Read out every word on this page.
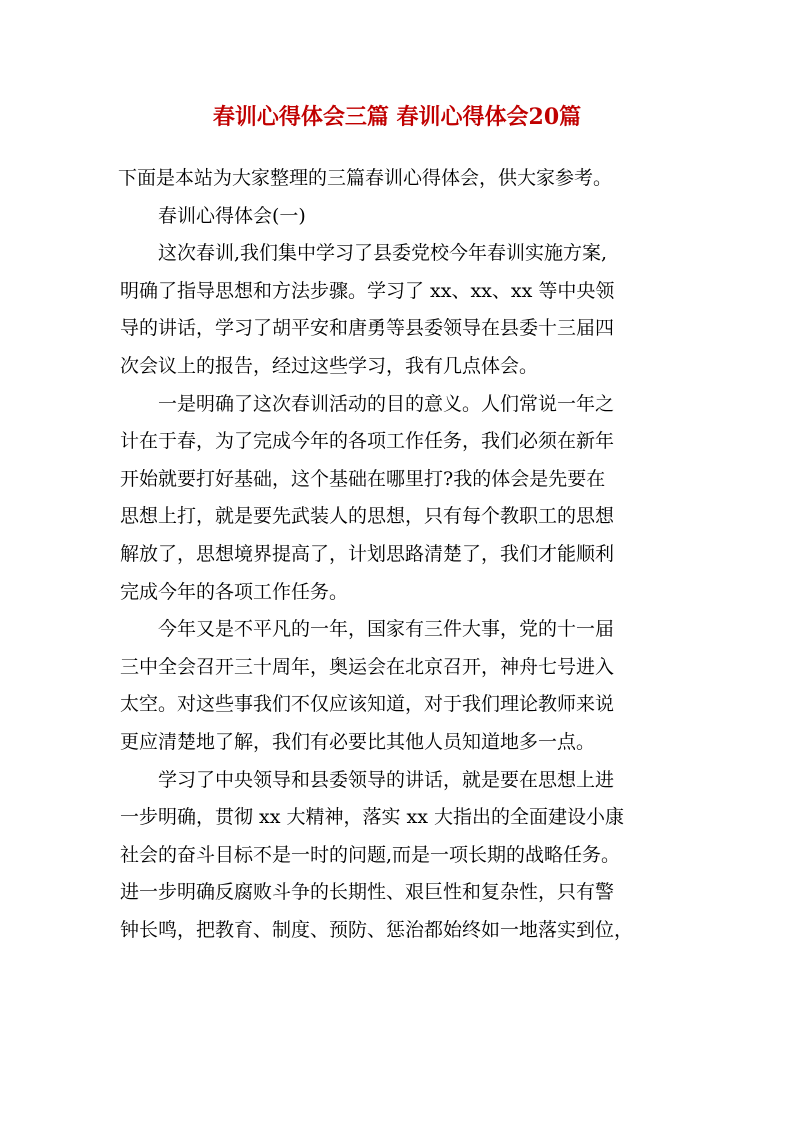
春训心得体会三篇 春训心得体会20篇

下面是本站为大家整理的三篇春训心得体会，供大家参考。

春训心得体会(一)

这次春训,我们集中学习了县委党校今年春训实施方案,
明确了指导思想和方法步骤。学习了 xx、xx、xx 等中央领
导的讲话，学习了胡平安和唐勇等县委领导在县委十三届四
次会议上的报告，经过这些学习，我有几点体会。

一是明确了这次春训活动的目的意义。人们常说一年之
计在于春，为了完成今年的各项工作任务，我们必须在新年
开始就要打好基础，这个基础在哪里打?我的体会是先要在
思想上打，就是要先武装人的思想，只有每个教职工的思想
解放了，思想境界提高了，计划思路清楚了，我们才能顺利
完成今年的各项工作任务。

今年又是不平凡的一年，国家有三件大事，党的十一届
三中全会召开三十周年，奥运会在北京召开，神舟七号进入
太空。对这些事我们不仅应该知道，对于我们理论教师来说
更应清楚地了解，我们有必要比其他人员知道地多一点。

学习了中央领导和县委领导的讲话，就是要在思想上进
一步明确，贯彻 xx 大精神，落实 xx 大指出的全面建设小康
社会的奋斗目标不是一时的问题,而是一项长期的战略任务。
进一步明确反腐败斗争的长期性、艰巨性和复杂性，只有警
钟长鸣，把教育、制度、预防、惩治都始终如一地落实到位，
